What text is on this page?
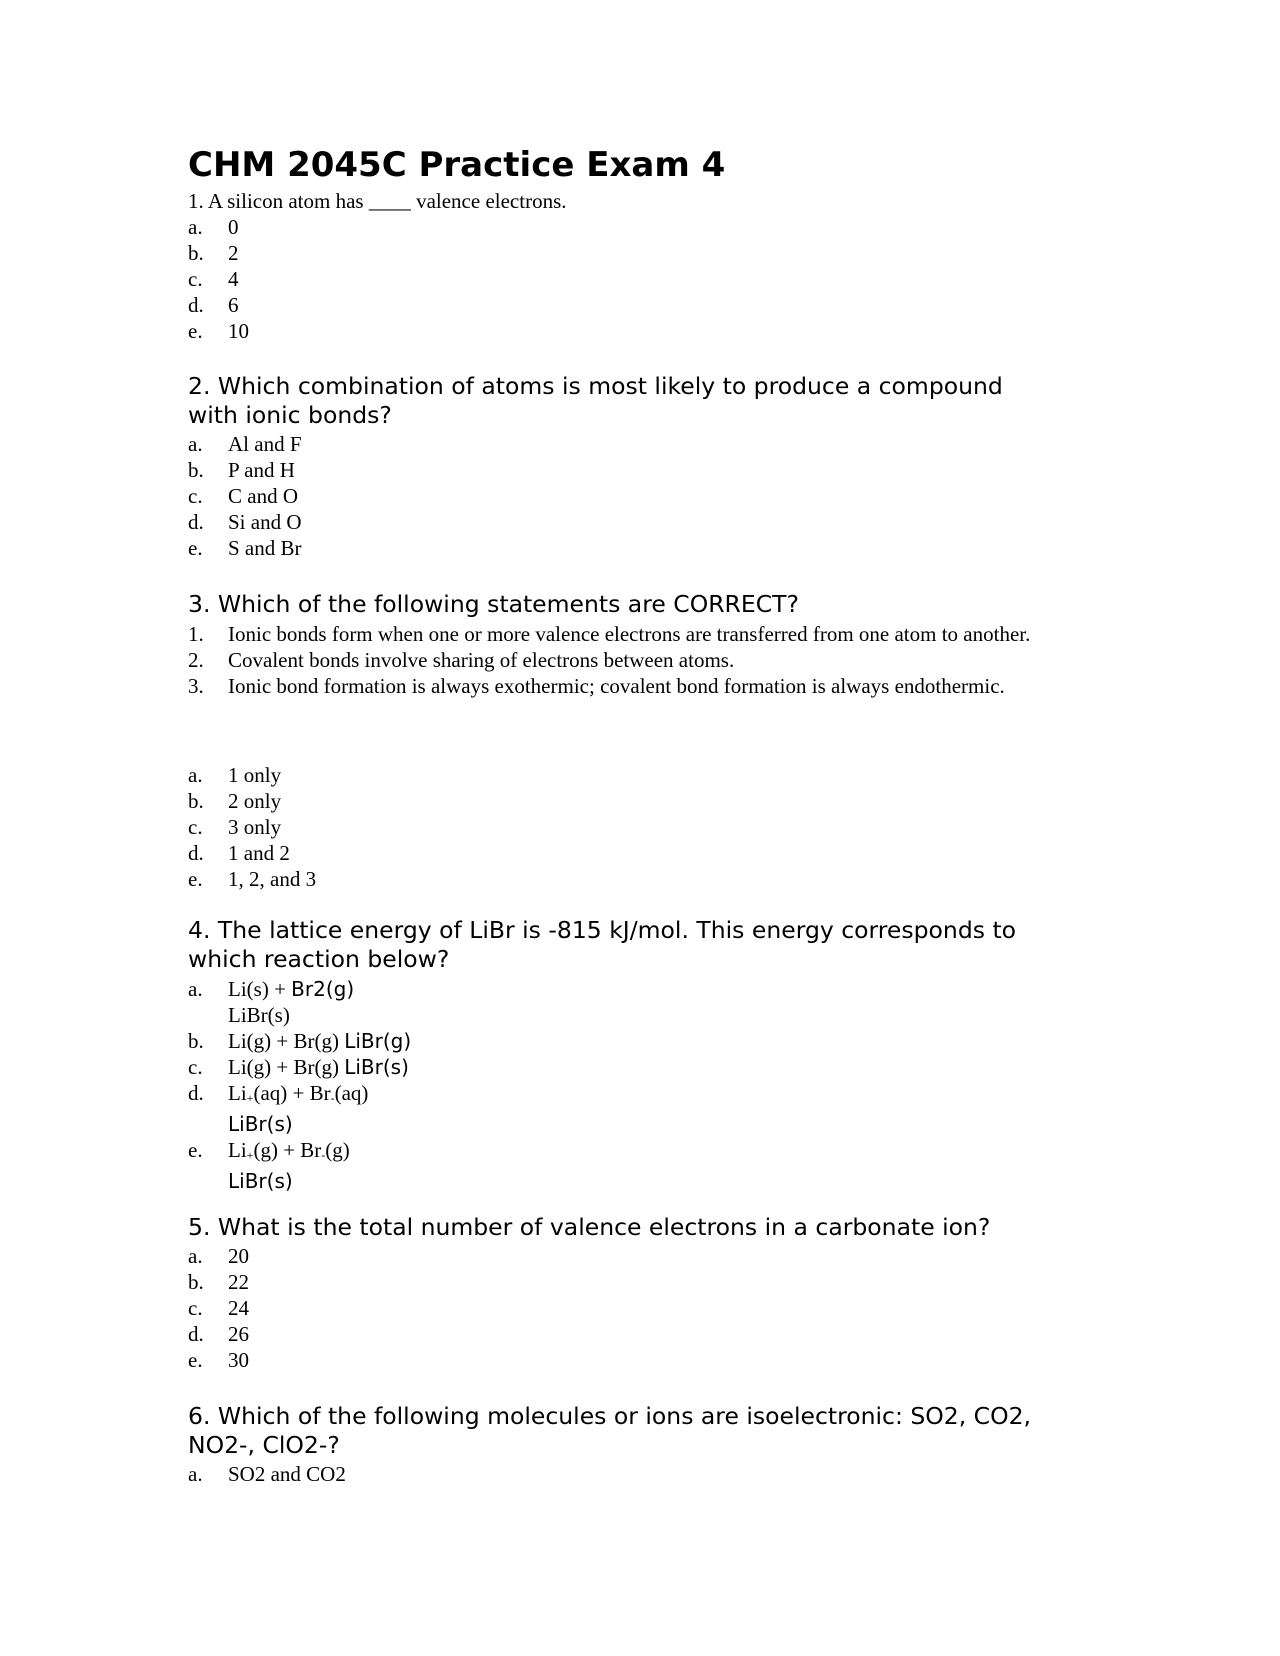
CHM 2045C Practice Exam 4

1. A silicon atom has ____ valence electrons.

a.	0
b.	2
c.	4
d.	6
e.	10

2. Which combination of atoms is most likely to produce a compound with ionic bonds?

a.	Al and F
b.	P and H
c.	C and O
d.	Si and O
e.	S and Br

3. Which of the following statements are CORRECT?

1.	Ionic bonds form when one or more valence electrons are transferred from one atom to another.
2.	Covalent bonds involve sharing of electrons between atoms.
3.	Ionic bond formation is always exothermic; covalent bond formation is always endothermic.
a.	1 only
b.	2 only
c.	3 only
d.	1 and 2
e.	1, 2, and 3

4. The lattice energy of LiBr is -815 kJ/mol. This energy corresponds to which reaction below?

a.	Li(s) + Br2(g)
LiBr(s)
b.	Li(g) + Br(g) LiBr(g)
c.	Li(g) + Br(g) LiBr(s)
d.	Li+(aq) + Br-(aq)
LiBr(s)
e.	Li+(g) + Br-(g)
LiBr(s)

5. What is the total number of valence electrons in a carbonate ion?

a.	20
b.	22
c.	24
d.	26
e.	30

6. Which of the following molecules or ions are isoelectronic: SO2, CO2, NO2-, ClO2-?

a.	SO2 and CO2
